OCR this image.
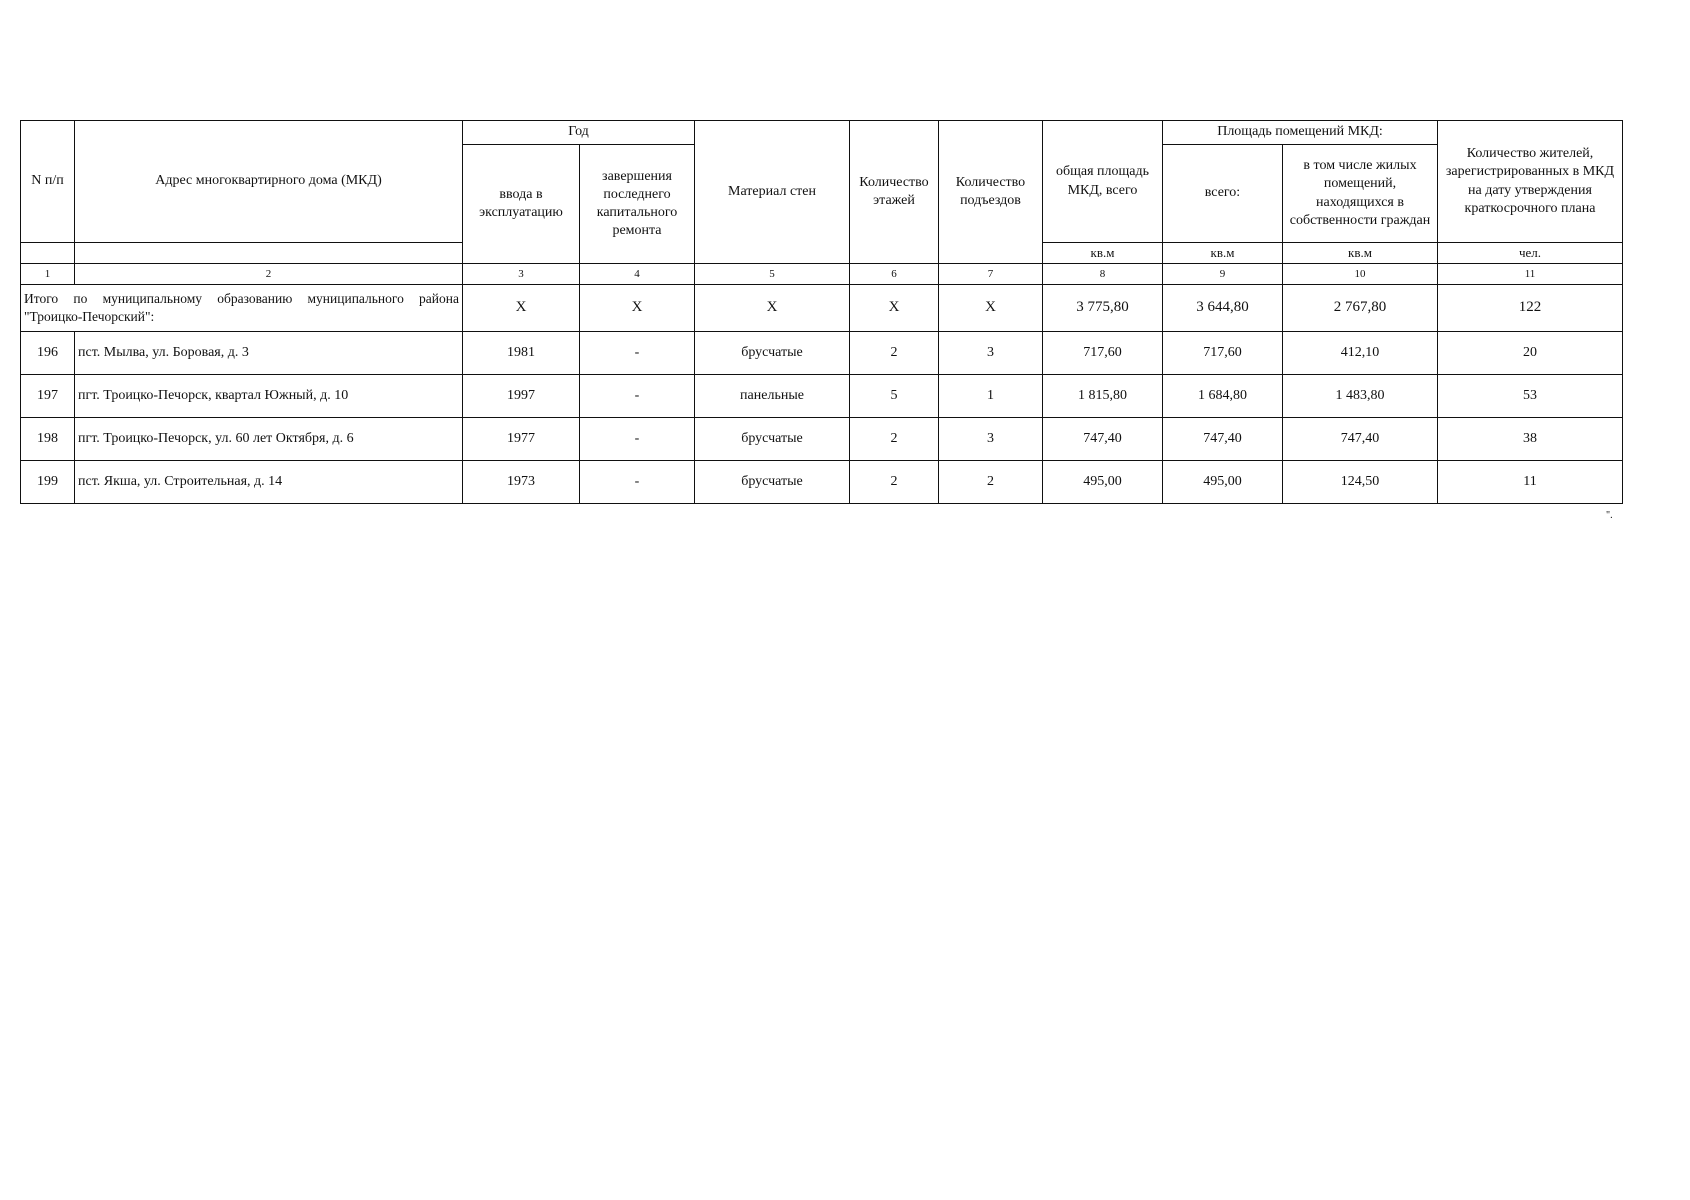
N п/п	Адрес многоквартирного дома (МКД)	Год		Материал стен	Количество этажей	Количество подъездов	общая площадь МКД, всего	Площадь помещений МКД:		Количество жителей, зарегистрированных в МКД на дату утверждения краткосрочного плана
		ввода в эксплуатацию	завершения последнего капитального ремонта					всего:	в том числе жилых помещений, находящихся в собственности граждан	
							кв.м	кв.м	кв.м	чел.
1	2	3	4	5	6	7	8	9	10	11
Итого по муниципальному образованию муниципального района "Троицко-Печорский":		Х	Х	Х	Х	Х	3 775,80	3 644,80	2 767,80	122
196	пст. Мылва, ул. Боровая, д. 3	1981	-	брусчатые	2	3	717,60	717,60	412,10	20
197	пгт. Троицко-Печорск, квартал Южный, д. 10	1997	-	панельные	5	1	1 815,80	1 684,80	1 483,80	53
198	пгт. Троицко-Печорск, ул. 60 лет Октября, д. 6	1977	-	брусчатые	2	3	747,40	747,40	747,40	38
199	пст. Якша, ул. Строительная, д. 14	1973	-	брусчатые	2	2	495,00	495,00	124,50	11
".
